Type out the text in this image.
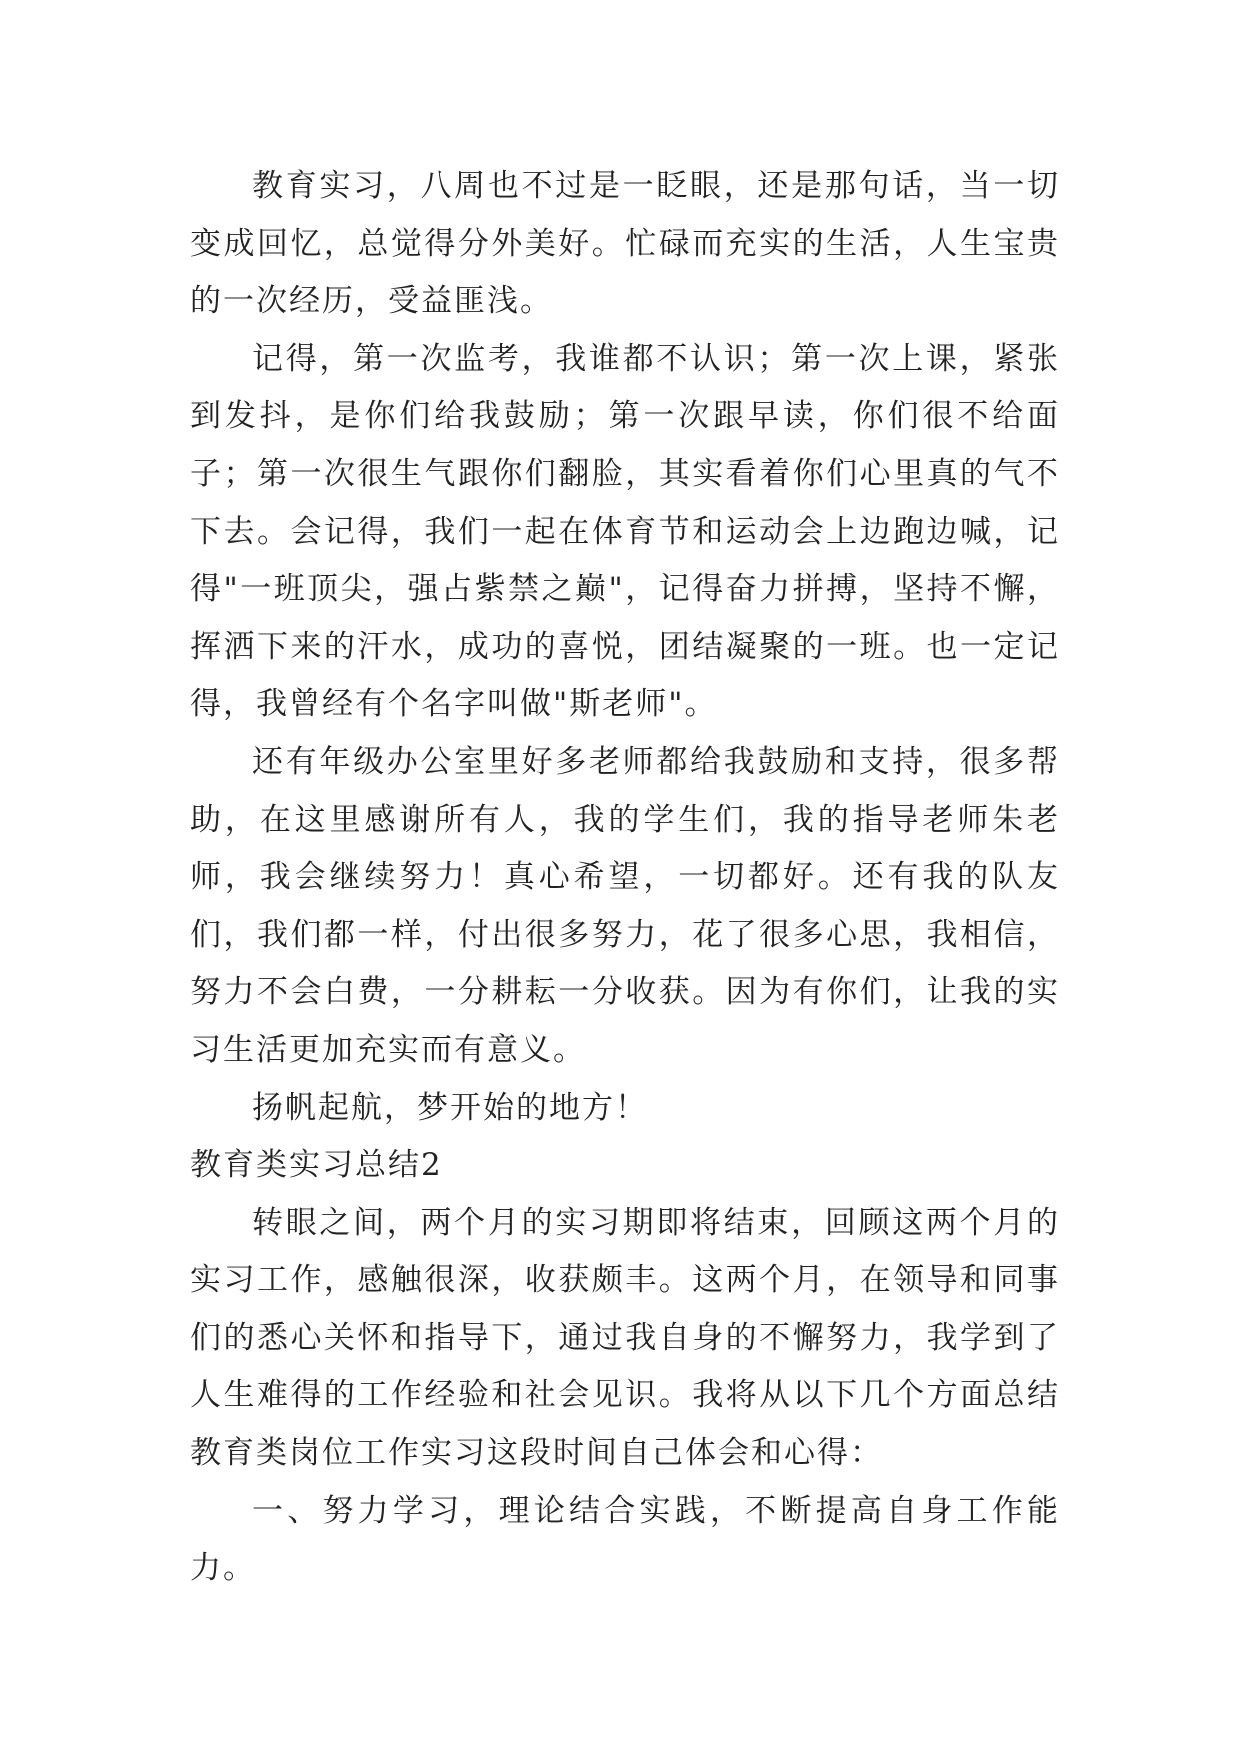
教育实习，八周也不过是一眨眼，还是那句话，当一切变成回忆，总觉得分外美好。忙碌而充实的生活，人生宝贵的一次经历，受益匪浅。

记得，第一次监考，我谁都不认识；第一次上课，紧张到发抖，是你们给我鼓励；第一次跟早读，你们很不给面子；第一次很生气跟你们翻脸，其实看着你们心里真的气不下去。会记得，我们一起在体育节和运动会上边跑边喊，记得"一班顶尖，强占紫禁之巅"，记得奋力拼搏，坚持不懈，挥洒下来的汗水，成功的喜悦，团结凝聚的一班。也一定记得，我曾经有个名字叫做"斯老师"。

还有年级办公室里好多老师都给我鼓励和支持，很多帮助，在这里感谢所有人，我的学生们，我的指导老师朱老师，我会继续努力！真心希望，一切都好。还有我的队友们，我们都一样，付出很多努力，花了很多心思，我相信，努力不会白费，一分耕耘一分收获。因为有你们，让我的实习生活更加充实而有意义。

扬帆起航，梦开始的地方！

教育类实习总结2

转眼之间，两个月的实习期即将结束，回顾这两个月的实习工作，感触很深，收获颇丰。这两个月，在领导和同事们的悉心关怀和指导下，通过我自身的不懈努力，我学到了人生难得的工作经验和社会见识。我将从以下几个方面总结教育类岗位工作实习这段时间自己体会和心得：

一、努力学习，理论结合实践，不断提高自身工作能力。
